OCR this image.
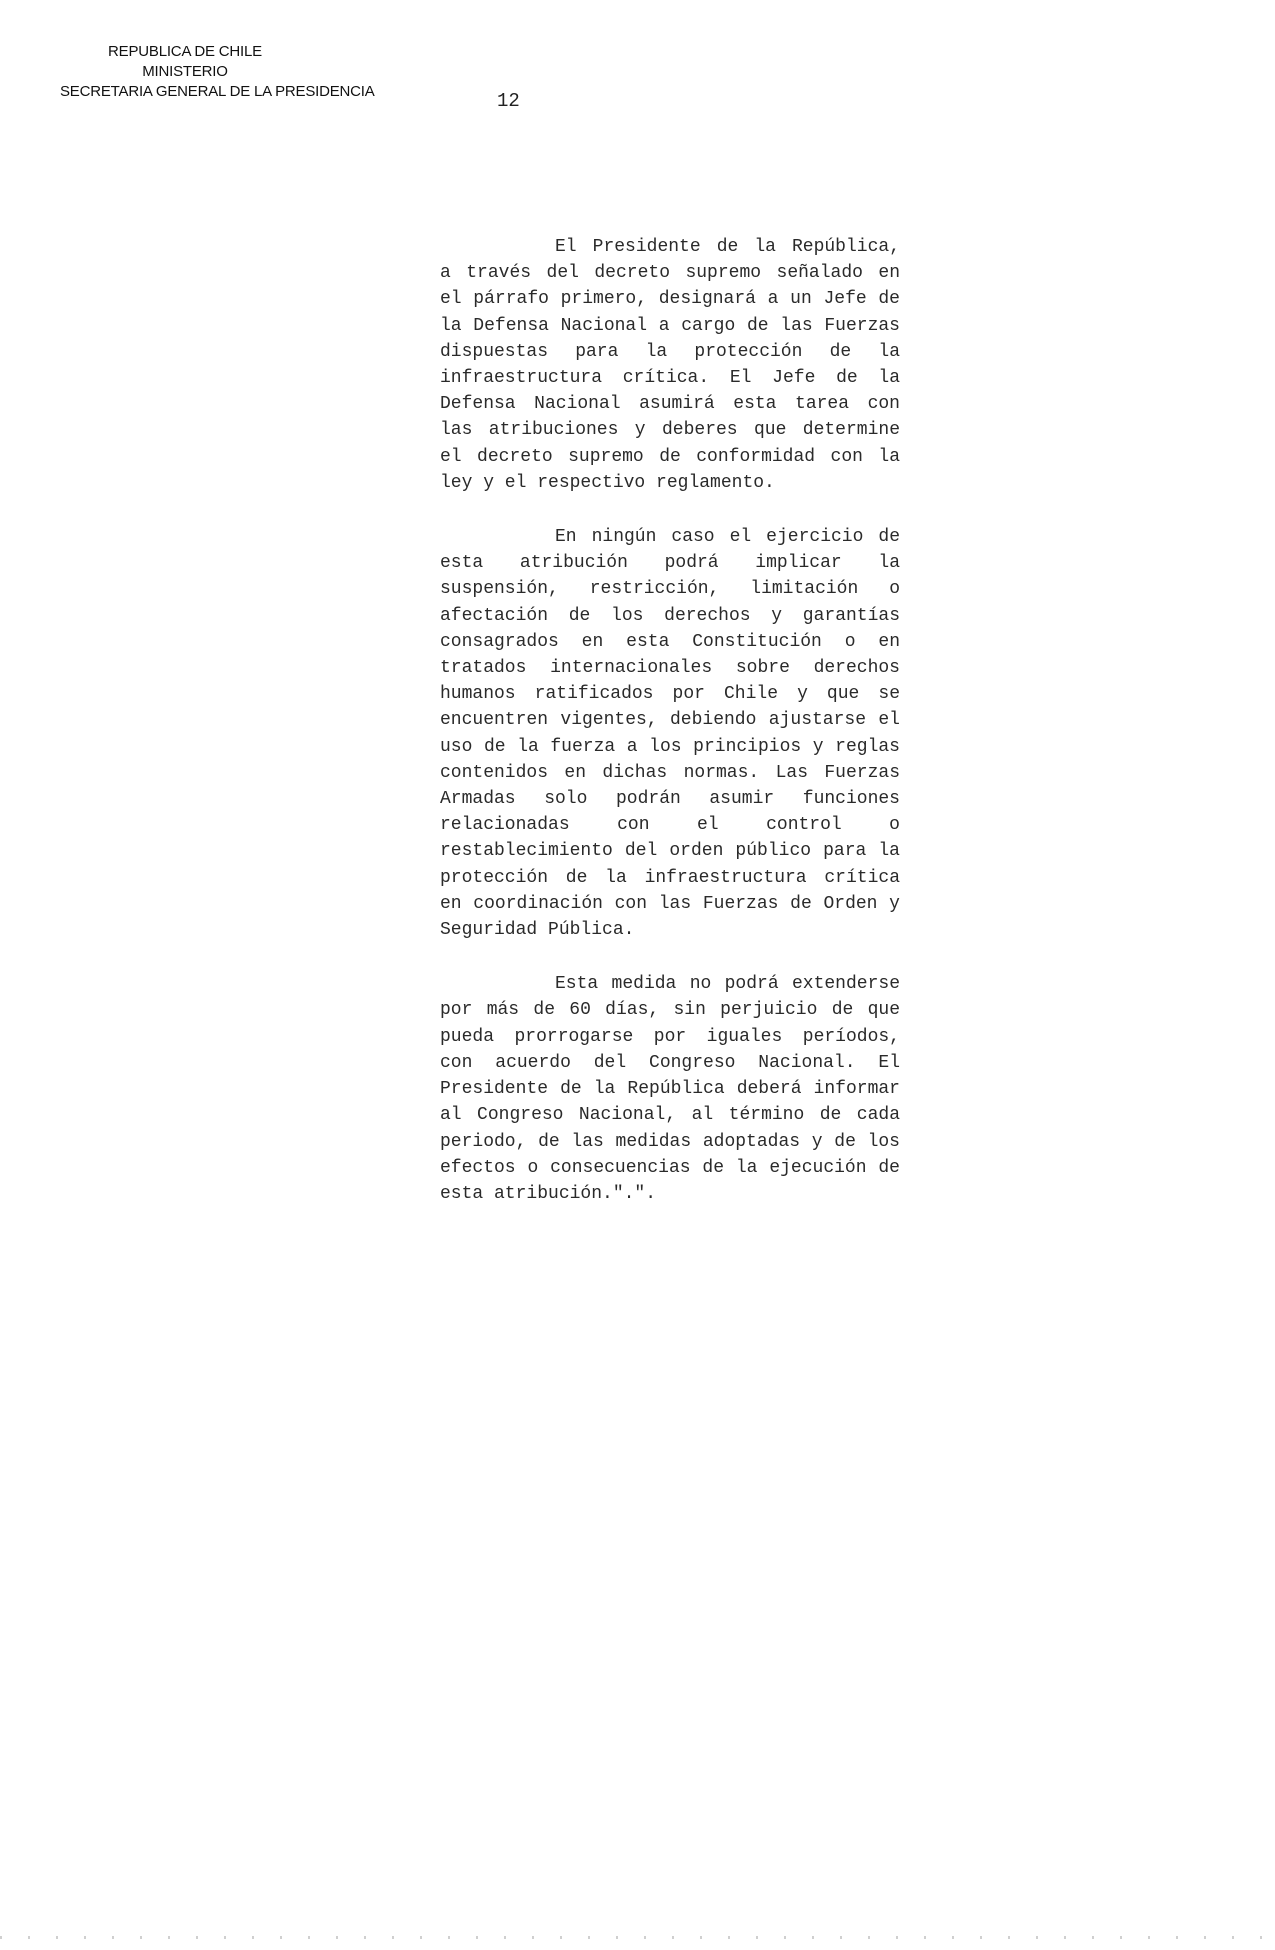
REPUBLICA DE CHILE
MINISTERIO
SECRETARIA GENERAL DE LA PRESIDENCIA	12

El Presidente de la República, a través del decreto supremo señalado en el párrafo primero, designará a un Jefe de la Defensa Nacional a cargo de las Fuerzas dispuestas para la protección de la infraestructura crítica. El Jefe de la Defensa Nacional asumirá esta tarea con las atribuciones y deberes que determine el decreto supremo de conformidad con la ley y el respectivo reglamento.

En ningún caso el ejercicio de esta atribución podrá implicar la suspensión, restricción, limitación o afectación de los derechos y garantías consagrados en esta Constitución o en tratados internacionales sobre derechos humanos ratificados por Chile y que se encuentren vigentes, debiendo ajustarse el uso de la fuerza a los principios y reglas contenidos en dichas normas. Las Fuerzas Armadas solo podrán asumir funciones relacionadas con el control o restablecimiento del orden público para la protección de la infraestructura crítica en coordinación con las Fuerzas de Orden y Seguridad Pública.

Esta medida no podrá extenderse por más de 60 días, sin perjuicio de que pueda prorrogarse por iguales períodos, con acuerdo del Congreso Nacional. El Presidente de la República deberá informar al Congreso Nacional, al término de cada periodo, de las medidas adoptadas y de los efectos o consecuencias de la ejecución de esta atribución.".".
